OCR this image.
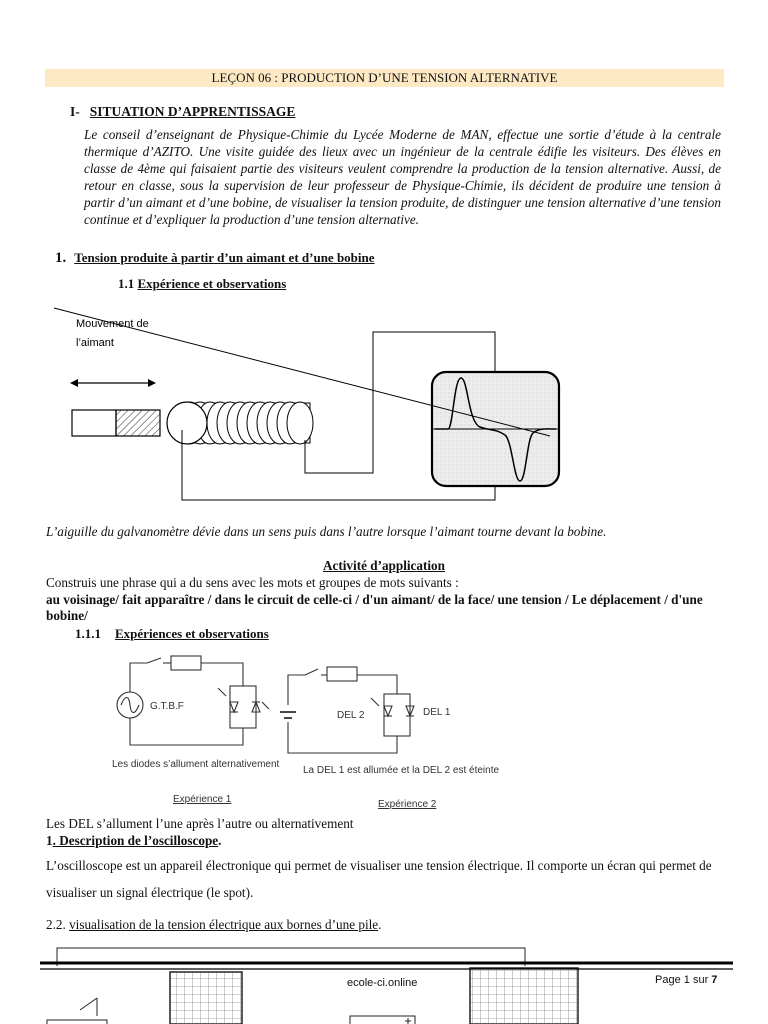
LEÇON 06 : PRODUCTION D’UNE TENSION ALTERNATIVE
I- SITUATION D’APPRENTISSAGE
Le conseil d’enseignant de Physique-Chimie du Lycée Moderne de MAN, effectue une sortie d’étude à la centrale thermique d’AZITO. Une visite guidée des lieux avec un ingénieur de la centrale édifie les visiteurs. Des élèves en classe de 4ème qui faisaient partie des visiteurs veulent comprendre la production de la tension alternative. Aussi, de retour en classe, sous la supervision de leur professeur de Physique-Chimie, ils décident de produire une tension à partir d’un aimant et d’une bobine, de visualiser la tension produite, de distinguer une tension alternative d’une tension continue et d’expliquer la production d’une tension alternative.
1. Tension produite à partir d’un aimant et d’une bobine
1.1 Expérience et observations
Mouvement de
l’aimant
L’aiguille du galvanomètre dévie dans un sens puis dans l’autre lorsque l’aimant tourne devant la bobine.
Activité d’application
Construis une phrase qui a du sens avec les mots et groupes de mots suivants :
au voisinage/ fait apparaître / dans le circuit de celle-ci / d'un aimant/ de la face/ une tension / Le déplacement / d'une bobine/
1.1.1 Expériences et observations
G.T.B.F
DEL 2	DEL 1
Les diodes s’allument alternativement
La DEL 1 est allumée et la DEL 2 est éteinte
Expérience 1	Expérience 2
Les DEL s’allument l’une après l’autre ou alternativement
1. Description de l’oscilloscope.
L’oscilloscope est un appareil électronique qui permet de visualiser une tension électrique. Il comporte un écran qui permet de visualiser un signal électrique (le spot).
2.2. visualisation de la tension électrique aux bornes d’une pile.
ecole-ci.online	Page 1 sur 7
